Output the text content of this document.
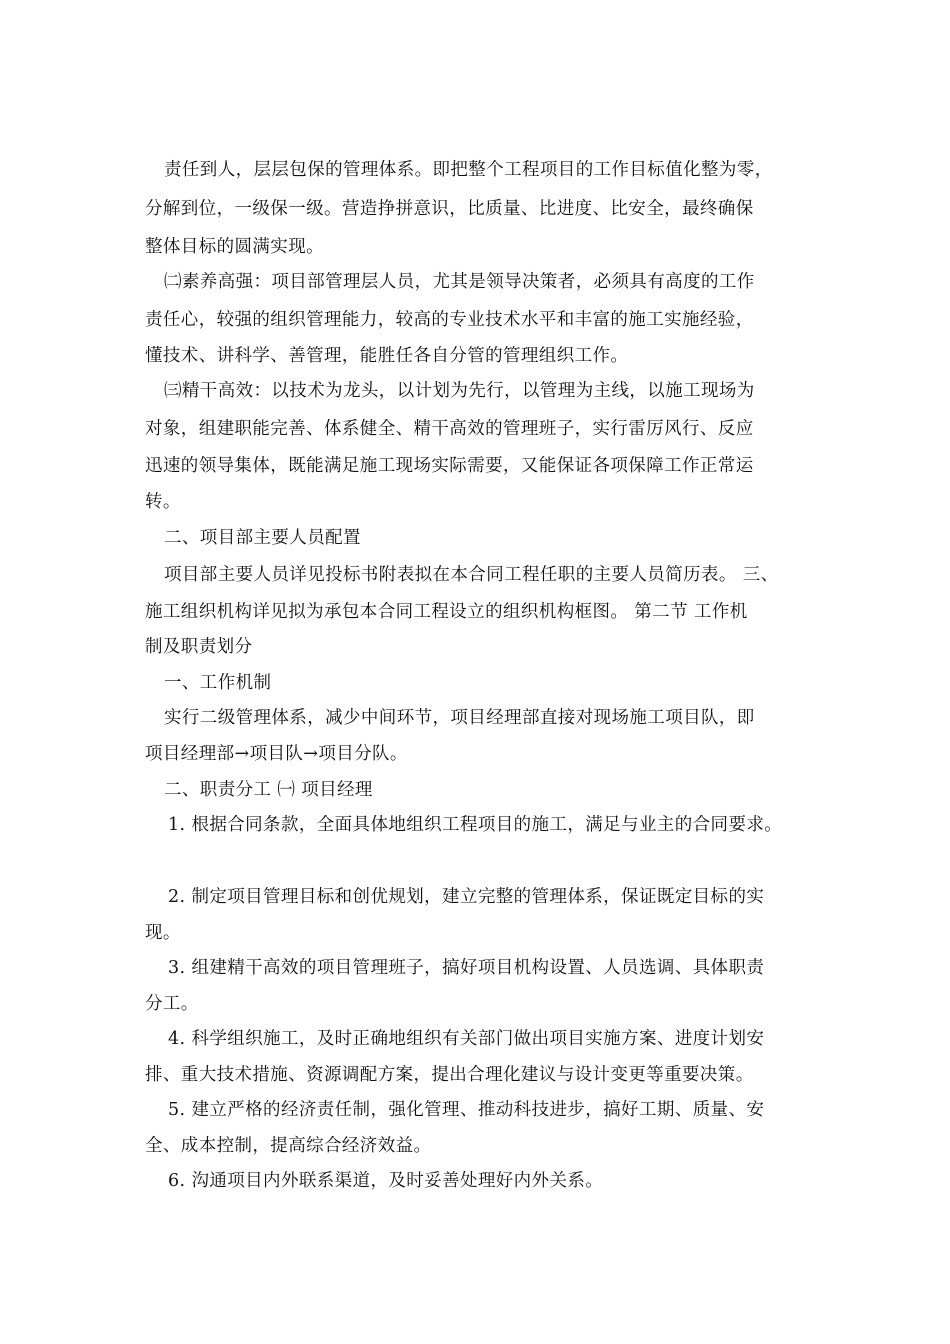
责任到人，层层包保的管理体系。即把整个工程项目的工作目标值化整为零，
分解到位，一级保一级。营造挣拼意识，比质量、比进度、比安全，最终确保
整体目标的圆满实现。
㈡素养高强：项目部管理层人员，尤其是领导决策者，必须具有高度的工作
责任心，较强的组织管理能力，较高的专业技术水平和丰富的施工实施经验，
懂技术、讲科学、善管理，能胜任各自分管的管理组织工作。
㈢精干高效：以技术为龙头，以计划为先行，以管理为主线，以施工现场为
对象，组建职能完善、体系健全、精干高效的管理班子，实行雷厉风行、反应
迅速的领导集体，既能满足施工现场实际需要，又能保证各项保障工作正常运
转。
二、项目部主要人员配置
项目部主要人员详见投标书附表拟在本合同工程任职的主要人员简历表。 三、
施工组织机构详见拟为承包本合同工程设立的组织机构框图。 第二节 工作机
制及职责划分
一、工作机制
实行二级管理体系，减少中间环节，项目经理部直接对现场施工项目队，即
项目经理部→项目队→项目分队。
二、职责分工 ㈠ 项目经理
1. 根据合同条款，全面具体地组织工程项目的施工，满足与业主的合同要求。
2. 制定项目管理目标和创优规划，建立完整的管理体系，保证既定目标的实
现。
3. 组建精干高效的项目管理班子，搞好项目机构设置、人员选调、具体职责
分工。
4. 科学组织施工，及时正确地组织有关部门做出项目实施方案、进度计划安
排、重大技术措施、资源调配方案，提出合理化建议与设计变更等重要决策。
5. 建立严格的经济责任制，强化管理、推动科技进步，搞好工期、质量、安
全、成本控制，提高综合经济效益。
6. 沟通项目内外联系渠道，及时妥善处理好内外关系。
